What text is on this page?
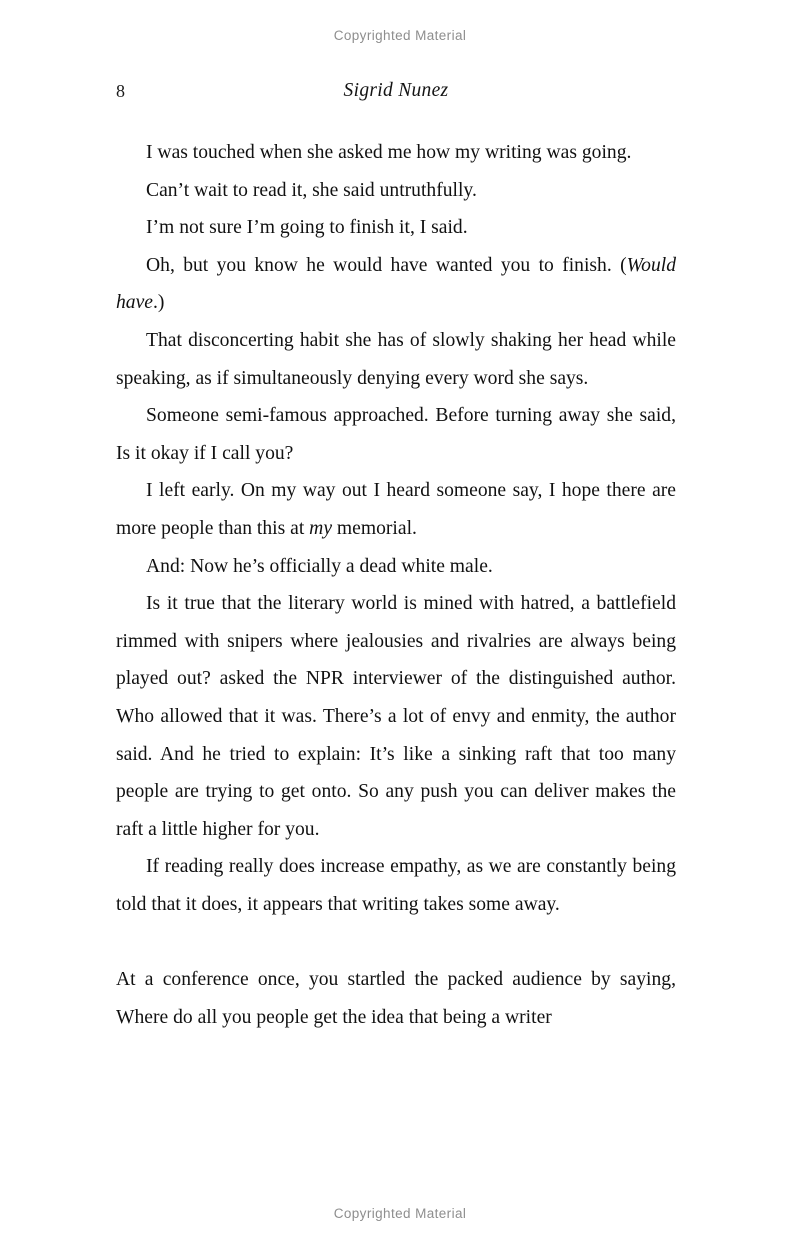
Copyrighted Material
8	Sigrid Nunez

I was touched when she asked me how my writing was going.

Can’t wait to read it, she said untruthfully.

I’m not sure I’m going to finish it, I said.

Oh, but you know he would have wanted you to finish. (Would have.)

That disconcerting habit she has of slowly shaking her head while speaking, as if simultaneously denying every word she says.

Someone semi-famous approached. Before turning away she said, Is it okay if I call you?

I left early. On my way out I heard someone say, I hope there are more people than this at my memorial.

And: Now he’s officially a dead white male.

Is it true that the literary world is mined with hatred, a battlefield rimmed with snipers where jealousies and rivalries are always being played out? asked the NPR interviewer of the distinguished author. Who allowed that it was. There’s a lot of envy and enmity, the author said. And he tried to explain: It’s like a sinking raft that too many people are trying to get onto. So any push you can deliver makes the raft a little higher for you.

If reading really does increase empathy, as we are constantly being told that it does, it appears that writing takes some away.

At a conference once, you startled the packed audience by saying, Where do all you people get the idea that being a writer

Copyrighted Material
